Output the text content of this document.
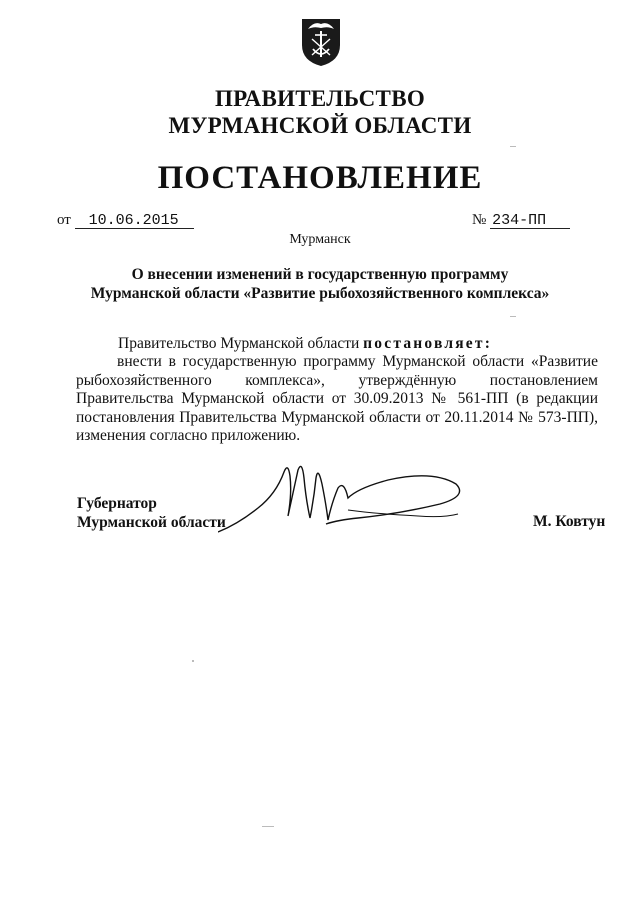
ПРАВИТЕЛЬСТВО
МУРМАНСКОЙ ОБЛАСТИ
ПОСТАНОВЛЕНИЕ
от 10.06.2015	№ 234-ПП
Мурманск
О внесении изменений в государственную программу
Мурманской области «Развитие рыбохозяйственного комплекса»
Правительство Мурманской области постановляет:
внести в государственную программу Мурманской области «Развитие рыбохозяйственного комплекса», утверждённую постановлением Правительства Мурманской области от 30.09.2013 № 561-ПП (в редакции постановления Правительства Мурманской области от 20.11.2014 № 573-ПП), изменения согласно приложению.
Губернатор
Мурманской области	М. Ковтун
